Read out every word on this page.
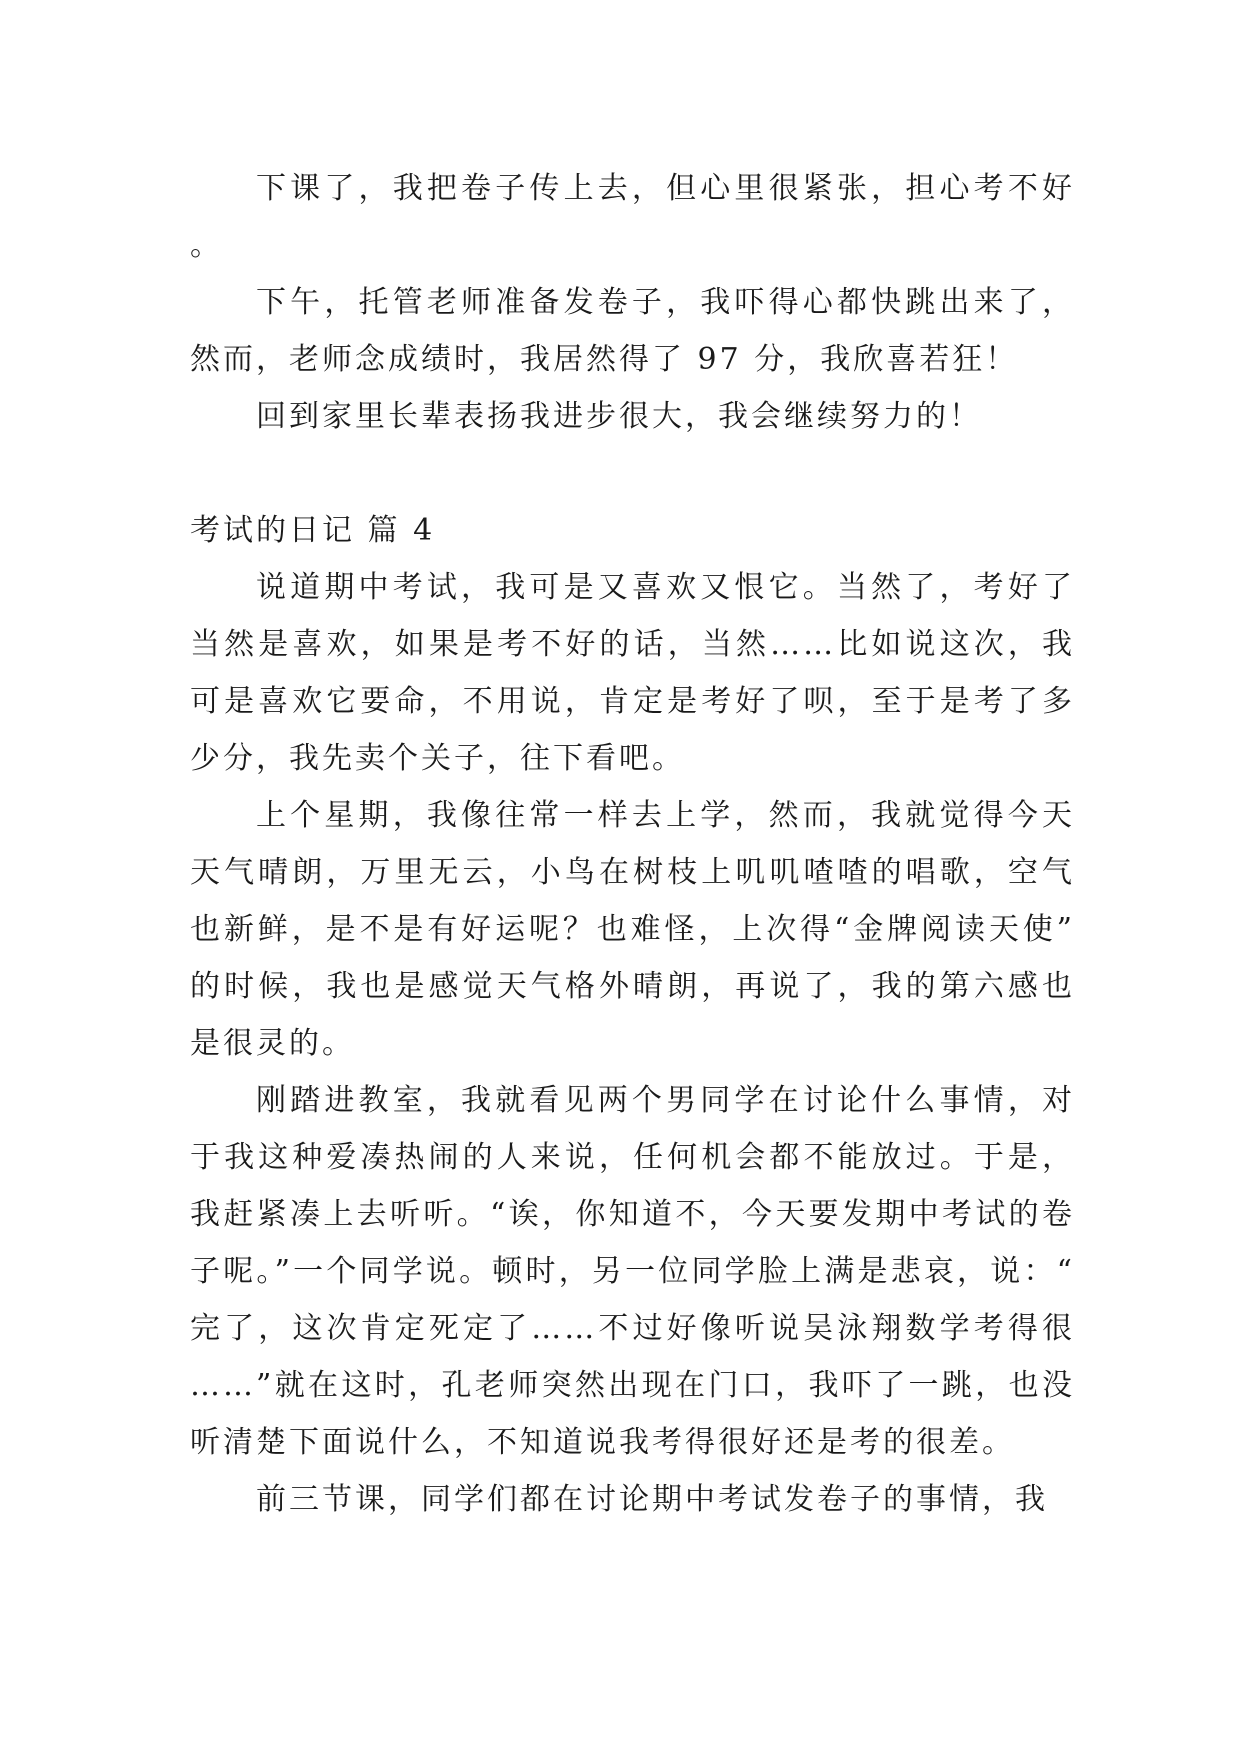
下课了，我把卷子传上去，但心里很紧张，担心考不好。

下午，托管老师准备发卷子，我吓得心都快跳出来了，然而，老师念成绩时，我居然得了 97 分，我欣喜若狂！

回到家里长辈表扬我进步很大，我会继续努力的！

考试的日记 篇 4

说道期中考试，我可是又喜欢又恨它。当然了，考好了当然是喜欢，如果是考不好的话，当然……比如说这次，我可是喜欢它要命，不用说，肯定是考好了呗，至于是考了多少分，我先卖个关子，往下看吧。

上个星期，我像往常一样去上学，然而，我就觉得今天天气晴朗，万里无云，小鸟在树枝上叽叽喳喳的唱歌，空气也新鲜，是不是有好运呢？也难怪，上次得“金牌阅读天使”的时候，我也是感觉天气格外晴朗，再说了，我的第六感也是很灵的。

刚踏进教室，我就看见两个男同学在讨论什么事情，对于我这种爱凑热闹的人来说，任何机会都不能放过。于是，我赶紧凑上去听听。“诶，你知道不，今天要发期中考试的卷子呢。”一个同学说。顿时，另一位同学脸上满是悲哀，说：“完了，这次肯定死定了……不过好像听说吴泳翔数学考得很……”就在这时，孔老师突然出现在门口，我吓了一跳，也没听清楚下面说什么，不知道说我考得很好还是考的很差。

前三节课，同学们都在讨论期中考试发卷子的事情，我
